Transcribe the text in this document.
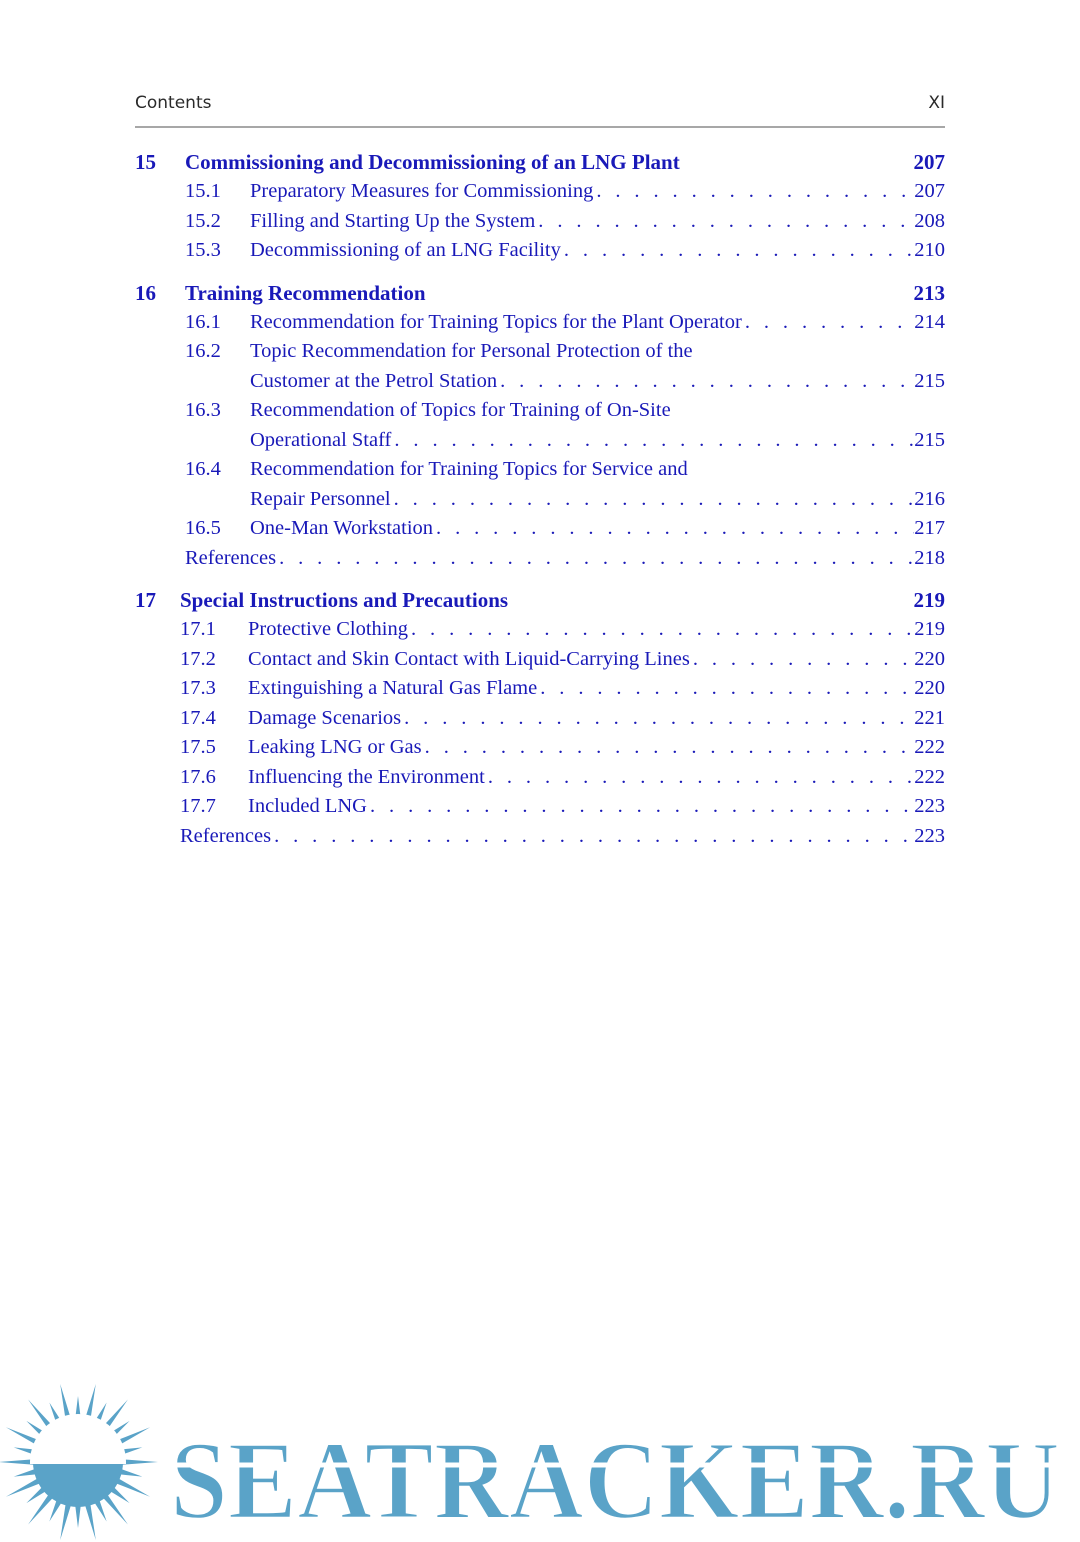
Contents	XI
15	Commissioning and Decommissioning of an LNG Plant	207
15.1	Preparatory Measures for Commissioning . . .	207
15.2	Filling and Starting Up the System . . .	208
15.3	Decommissioning of an LNG Facility . . .	210
16	Training Recommendation	213
16.1	Recommendation for Training Topics for the Plant Operator . . .	214
16.2	Topic Recommendation for Personal Protection of the
Customer at the Petrol Station . . .	215
16.3	Recommendation of Topics for Training of On-Site
Operational Staff . . .	215
16.4	Recommendation for Training Topics for Service and
Repair Personnel . . .	216
16.5	One-Man Workstation . . .	217
References . . .	218
17	Special Instructions and Precautions	219
17.1	Protective Clothing . . .	219
17.2	Contact and Skin Contact with Liquid-Carrying Lines . . .	220
17.3	Extinguishing a Natural Gas Flame . . .	220
17.4	Damage Scenarios . . .	221
17.5	Leaking LNG or Gas . . .	222
17.6	Influencing the Environment . . .	222
17.7	Included LNG . . .	223
References . . .	223
SEATRACKER.RU
